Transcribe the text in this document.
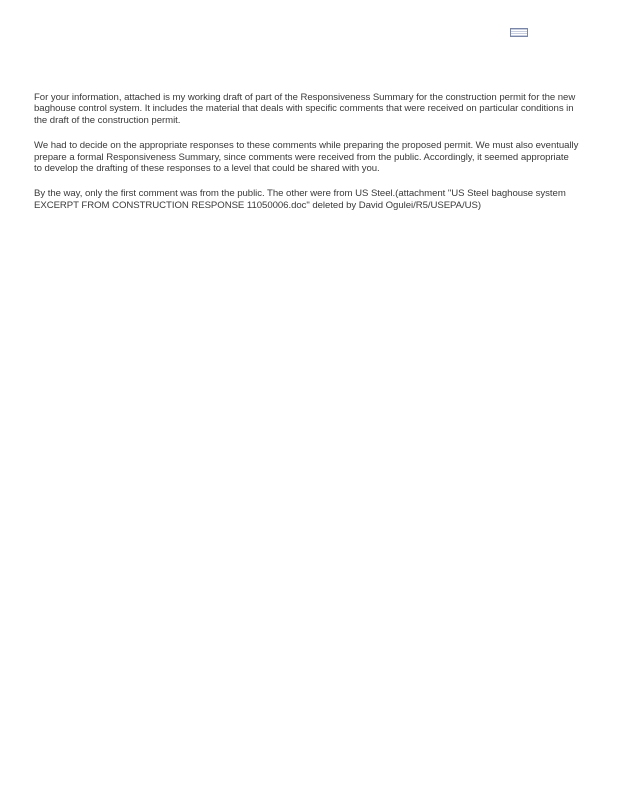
For your information, attached is my working draft of part of the Responsiveness Summary for the construction permit for the new baghouse control system. It includes the material that deals with specific comments that were received on particular conditions in the draft of the construction permit.

We had to decide on the appropriate responses to these comments while preparing the proposed permit. We must also eventually prepare a formal Responsiveness Summary, since comments were received from the public. Accordingly, it seemed appropriate to develop the drafting of these responses to a level that could be shared with you.

By the way, only the first comment was from the public. The other were from US Steel.(attachment "US Steel baghouse system EXCERPT FROM CONSTRUCTION RESPONSE 11050006.doc" deleted by David Ogulei/R5/USEPA/US)
